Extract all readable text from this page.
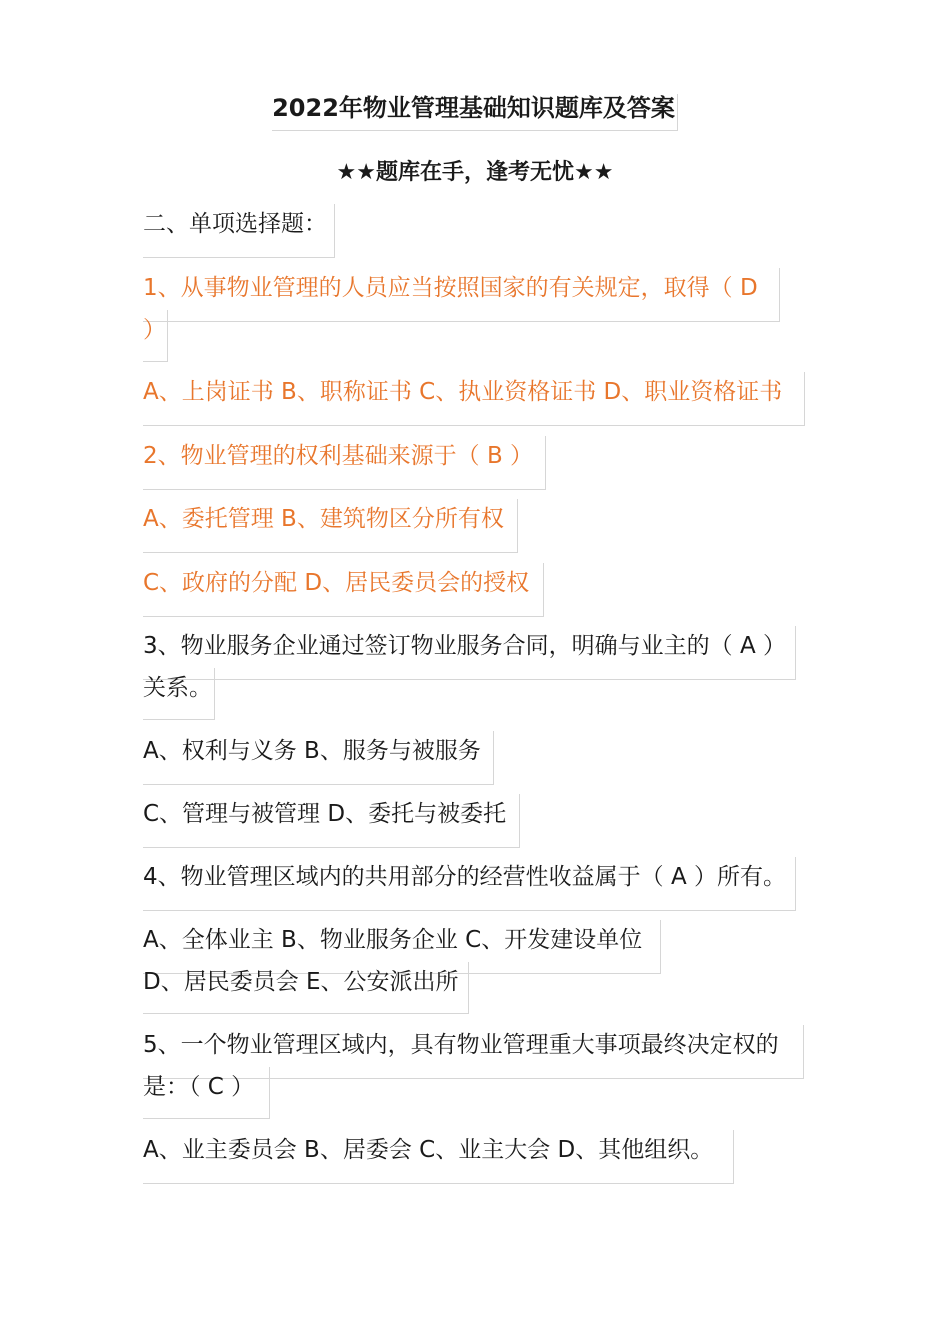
2022年物业管理基础知识题库及答案
★★题库在手，逢考无忧★★
二、单项选择题：
1、从事物业管理的人员应当按照国家的有关规定，取得（ D
）
A、上岗证书 B、职称证书 C、执业资格证书 D、职业资格证书
2、物业管理的权利基础来源于（ B ）
A、委托管理 B、建筑物区分所有权
C、政府的分配 D、居民委员会的授权
3、物业服务企业通过签订物业服务合同，明确与业主的（ A ）
关系。
A、权利与义务 B、服务与被服务
C、管理与被管理 D、委托与被委托
4、物业管理区域内的共用部分的经营性收益属于（ A ）所有。
A、全体业主 B、物业服务企业 C、开发建设单位
D、居民委员会 E、公安派出所
5、一个物业管理区域内，具有物业管理重大事项最终决定权的
是：（ C ）
A、业主委员会 B、居委会 C、业主大会 D、其他组织。
